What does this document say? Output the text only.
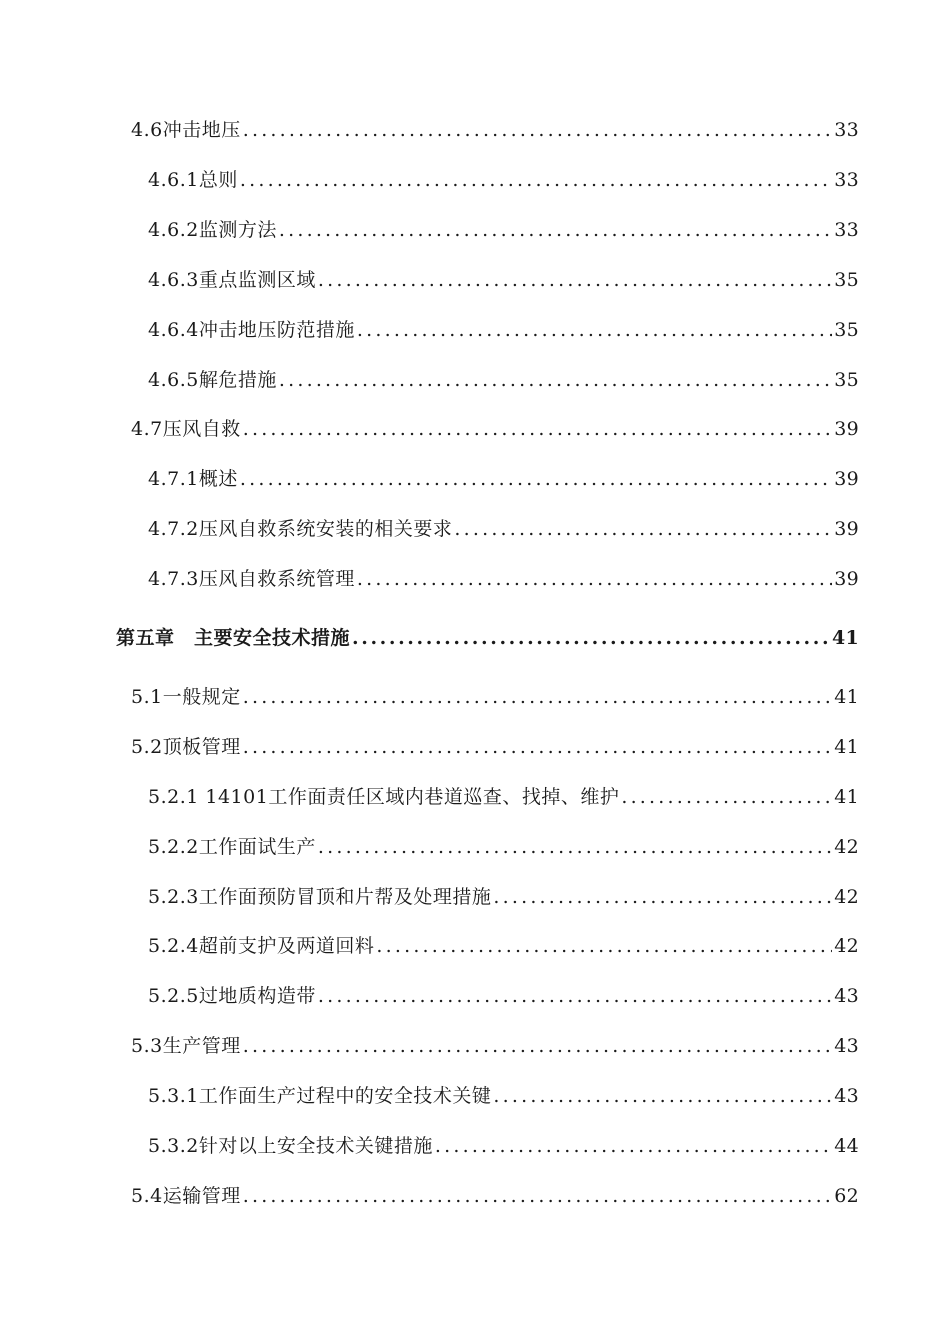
4.6冲击地压 .....	33
4.6.1总则 .....	33
4.6.2监测方法 .....	33
4.6.3重点监测区域 .....	35
4.6.4冲击地压防范措施 .....	35
4.6.5解危措施 .....	35
4.7压风自救 .....	39
4.7.1概述 .....	39
4.7.2压风自救系统安装的相关要求 .....	39
4.7.3压风自救系统管理 .....	39
第五章　主要安全技术措施 .....	41
5.1一般规定 .....	41
5.2顶板管理 .....	41
5.2.1 14101工作面责任区域内巷道巡查、找掉、维护 .....	41
5.2.2工作面试生产 .....	42
5.2.3工作面预防冒顶和片帮及处理措施 .....	42
5.2.4超前支护及两道回料 .....	42
5.2.5过地质构造带 .....	43
5.3生产管理 .....	43
5.3.1工作面生产过程中的安全技术关键 .....	43
5.3.2针对以上安全技术关键措施 .....	44
5.4运输管理 .....	62
